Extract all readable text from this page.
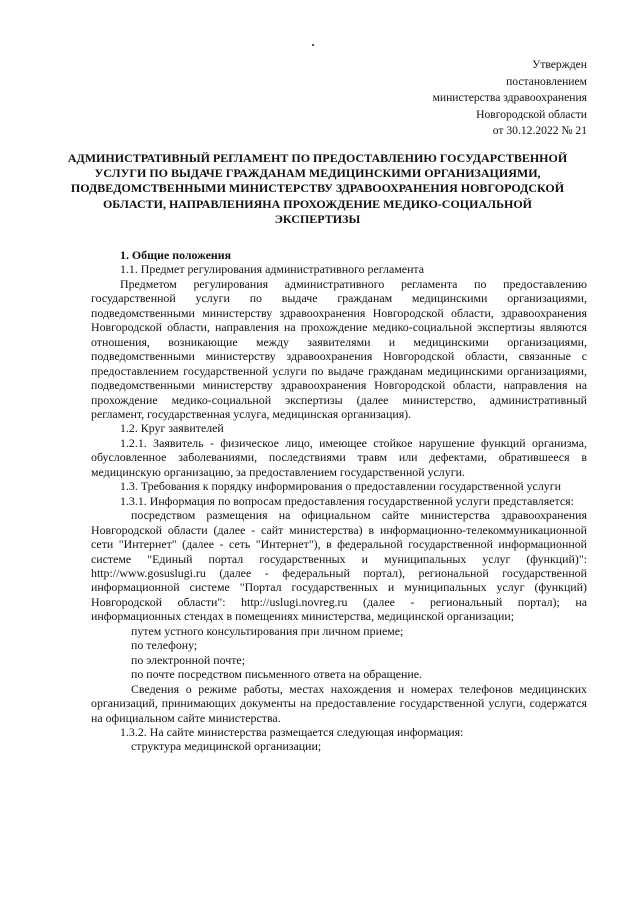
Утвержден
постановлением
министерства здравоохранения
Новгородской области
от 30.12.2022 № 21
АДМИНИСТРАТИВНЫЙ РЕГЛАМЕНТ ПО ПРЕДОСТАВЛЕНИЮ ГОСУДАРСТВЕННОЙ УСЛУГИ ПО ВЫДАЧЕ ГРАЖДАНАМ МЕДИЦИНСКИМИ ОРГАНИЗАЦИЯМИ, ПОДВЕДОМСТВЕННЫМИ МИНИСТЕРСТВУ ЗДРАВООХРАНЕНИЯ НОВГОРОДСКОЙ ОБЛАСТИ, НАПРАВЛЕНИЯНА ПРОХОЖДЕНИЕ МЕДИКО-СОЦИАЛЬНОЙ ЭКСПЕРТИЗЫ

1. Общие положения

1.1. Предмет регулирования административного регламента

Предметом регулирования административного регламента по предоставлению государственной услуги по выдаче гражданам медицинскими организациями, подведомственными министерству здравоохранения Новгородской области, здравоохранения Новгородской области, направления на прохождение медико-социальной экспертизы являются отношения, возникающие между заявителями и медицинскими организациями, подведомственными министерству здравоохранения Новгородской области, связанные с предоставлением государственной услуги по выдаче гражданам медицинскими организациями, подведомственными министерству здравоохранения Новгородской области, направления на прохождение медико-социальной экспертизы (далее министерство, административный регламент, государственная услуга, медицинская организация).

1.2. Круг заявителей

1.2.1. Заявитель - физическое лицо, имеющее стойкое нарушение функций организма, обусловленное заболеваниями, последствиями травм или дефектами, обратившееся в медицинскую организацию, за предоставлением государственной услуги.

1.3. Требования к порядку информирования о предоставлении государственной услуги

1.3.1. Информация по вопросам предоставления государственной услуги представляется:

посредством размещения на официальном сайте министерства здравоохранения Новгородской области (далее - сайт министерства) в информационно-телекоммуникационной сети "Интернет" (далее - сеть "Интернет"), в федеральной государственной информационной системе "Единый портал государственных и муниципальных услуг (функций)": http://www.gosuslugi.ru (далее - федеральный портал), региональной государственной информационной системе "Портал государственных и муниципальных услуг (функций) Новгородской области": http://uslugi.novreg.ru (далее - региональный портал); на информационных стендах в помещениях министерства, медицинской организации;

путем устного консультирования при личном приеме;

по телефону;

по электронной почте;

по почте посредством письменного ответа на обращение.

Сведения о режиме работы, местах нахождения и номерах телефонов медицинских организаций, принимающих документы на предоставление государственной услуги, содержатся на официальном сайте министерства.

1.3.2. На сайте министерства размещается следующая информация:

структура медицинской организации;
